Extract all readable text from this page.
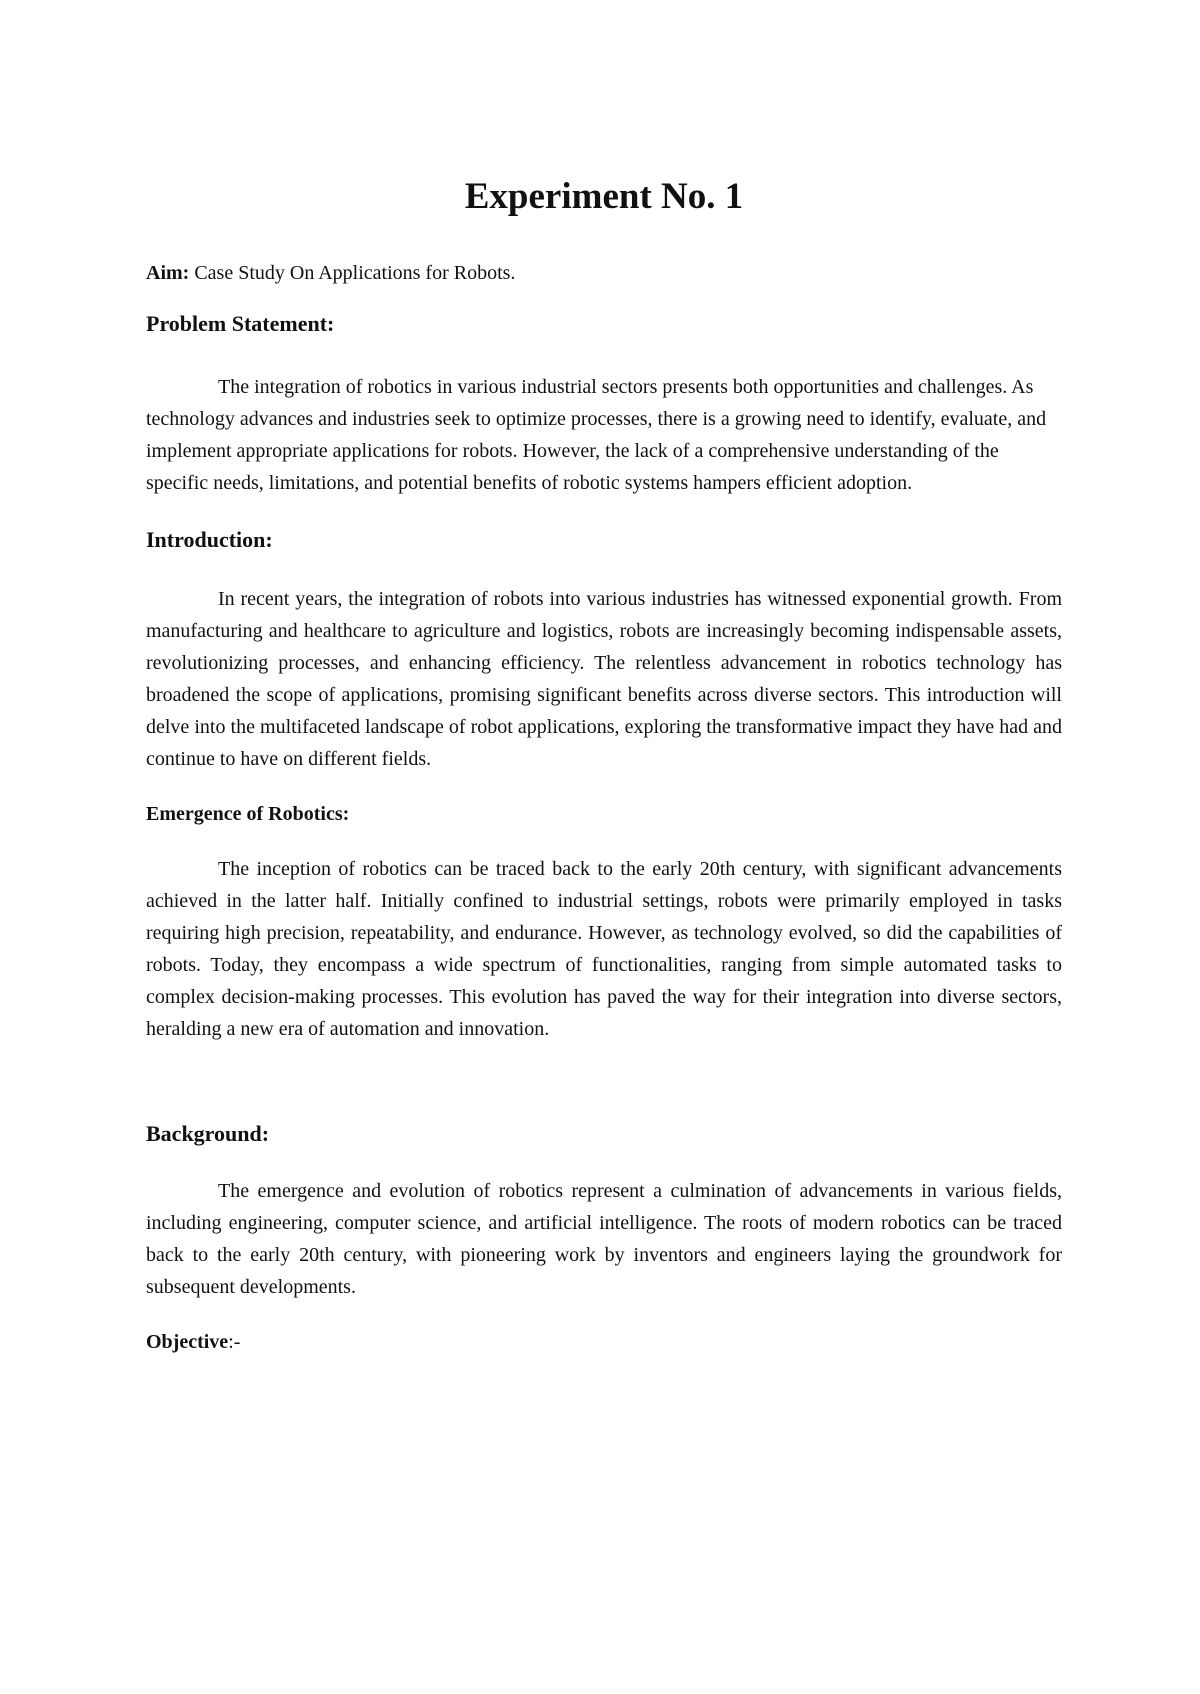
Experiment No. 1

Aim: Case Study On Applications for Robots.

Problem Statement:

The integration of robotics in various industrial sectors presents both opportunities and challenges. As technology advances and industries seek to optimize processes, there is a growing need to identify, evaluate, and implement appropriate applications for robots. However, the lack of a comprehensive understanding of the specific needs, limitations, and potential benefits of robotic systems hampers efficient adoption.

Introduction:

In recent years, the integration of robots into various industries has witnessed exponential growth. From manufacturing and healthcare to agriculture and logistics, robots are increasingly becoming indispensable assets, revolutionizing processes, and enhancing efficiency. The relentless advancement in robotics technology has broadened the scope of applications, promising significant benefits across diverse sectors. This introduction will delve into the multifaceted landscape of robot applications, exploring the transformative impact they have had and continue to have on different fields.

Emergence of Robotics:

The inception of robotics can be traced back to the early 20th century, with significant advancements achieved in the latter half. Initially confined to industrial settings, robots were primarily employed in tasks requiring high precision, repeatability, and endurance. However, as technology evolved, so did the capabilities of robots. Today, they encompass a wide spectrum of functionalities, ranging from simple automated tasks to complex decision-making processes. This evolution has paved the way for their integration into diverse sectors, heralding a new era of automation and innovation.

Background:

The emergence and evolution of robotics represent a culmination of advancements in various fields, including engineering, computer science, and artificial intelligence. The roots of modern robotics can be traced back to the early 20th century, with pioneering work by inventors and engineers laying the groundwork for subsequent developments.

Objective:-
